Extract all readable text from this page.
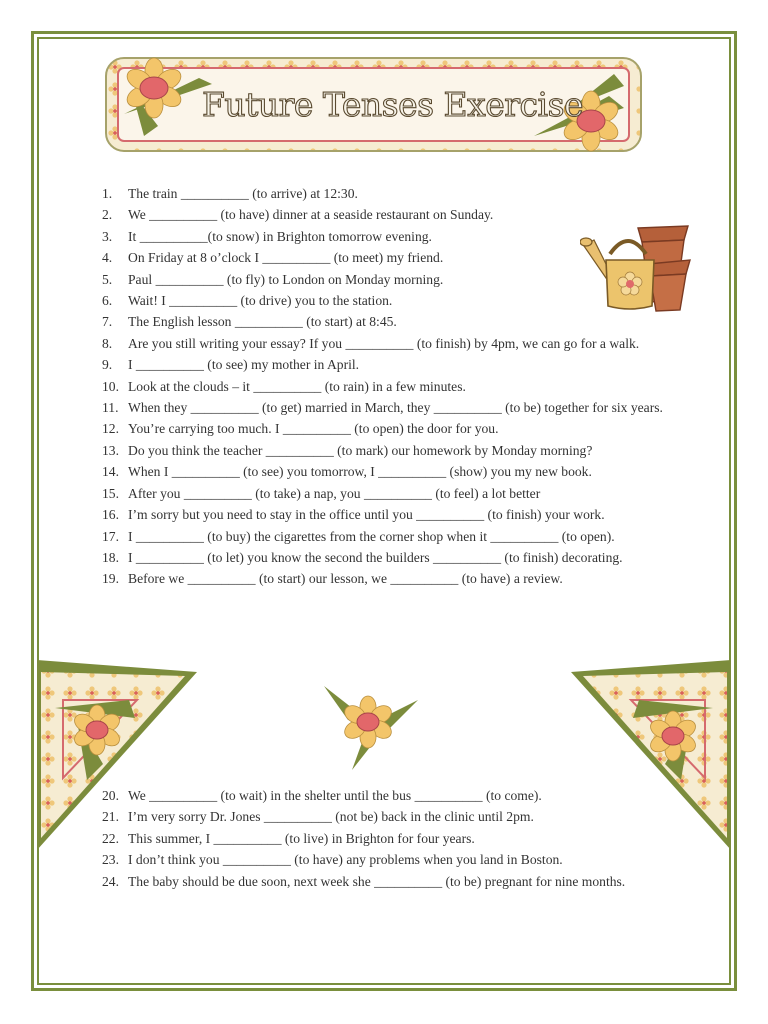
Future Tenses Exercise
1.	The train __________ (to arrive) at 12:30.
2.	We __________ (to have) dinner at a seaside restaurant on Sunday.
3.	It __________(to snow) in Brighton tomorrow evening.
4.	On Friday at 8 o’clock I __________ (to meet) my friend.
5.	Paul __________ (to fly) to London on Monday morning.
6.	Wait! I __________ (to drive) you to the station.
7.	The English lesson __________ (to start) at 8:45.
8.	Are you still writing your essay? If you __________ (to finish) by 4pm, we can go for a walk.
9.	I __________ (to see) my mother in April.
10. Look at the clouds – it __________ (to rain) in a few minutes.
11. When they __________ (to get) married in March, they __________ (to be) together for six years.
12. You’re carrying too much. I __________ (to open) the door for you.
13. Do you think the teacher __________ (to mark) our homework by Monday morning?
14. When I __________ (to see) you tomorrow, I __________ (show) you my new book.
15. After you __________ (to take) a nap, you __________ (to feel) a lot better
16. I’m sorry but you need to stay in the office until you __________ (to finish) your work.
17. I __________ (to buy) the cigarettes from the corner shop when it __________ (to open).
18. I __________ (to let) you know the second the builders __________ (to finish) decorating.
19. Before we __________ (to start) our lesson, we __________ (to have) a review.
20. We __________ (to wait) in the shelter until the bus __________ (to come).
21. I’m very sorry Dr. Jones __________ (not be) back in the clinic until 2pm.
22. This summer, I __________ (to live) in Brighton for four years.
23. I don’t think you __________ (to have) any problems when you land in Boston.
24. The baby should be due soon, next week she __________ (to be) pregnant for nine months.
